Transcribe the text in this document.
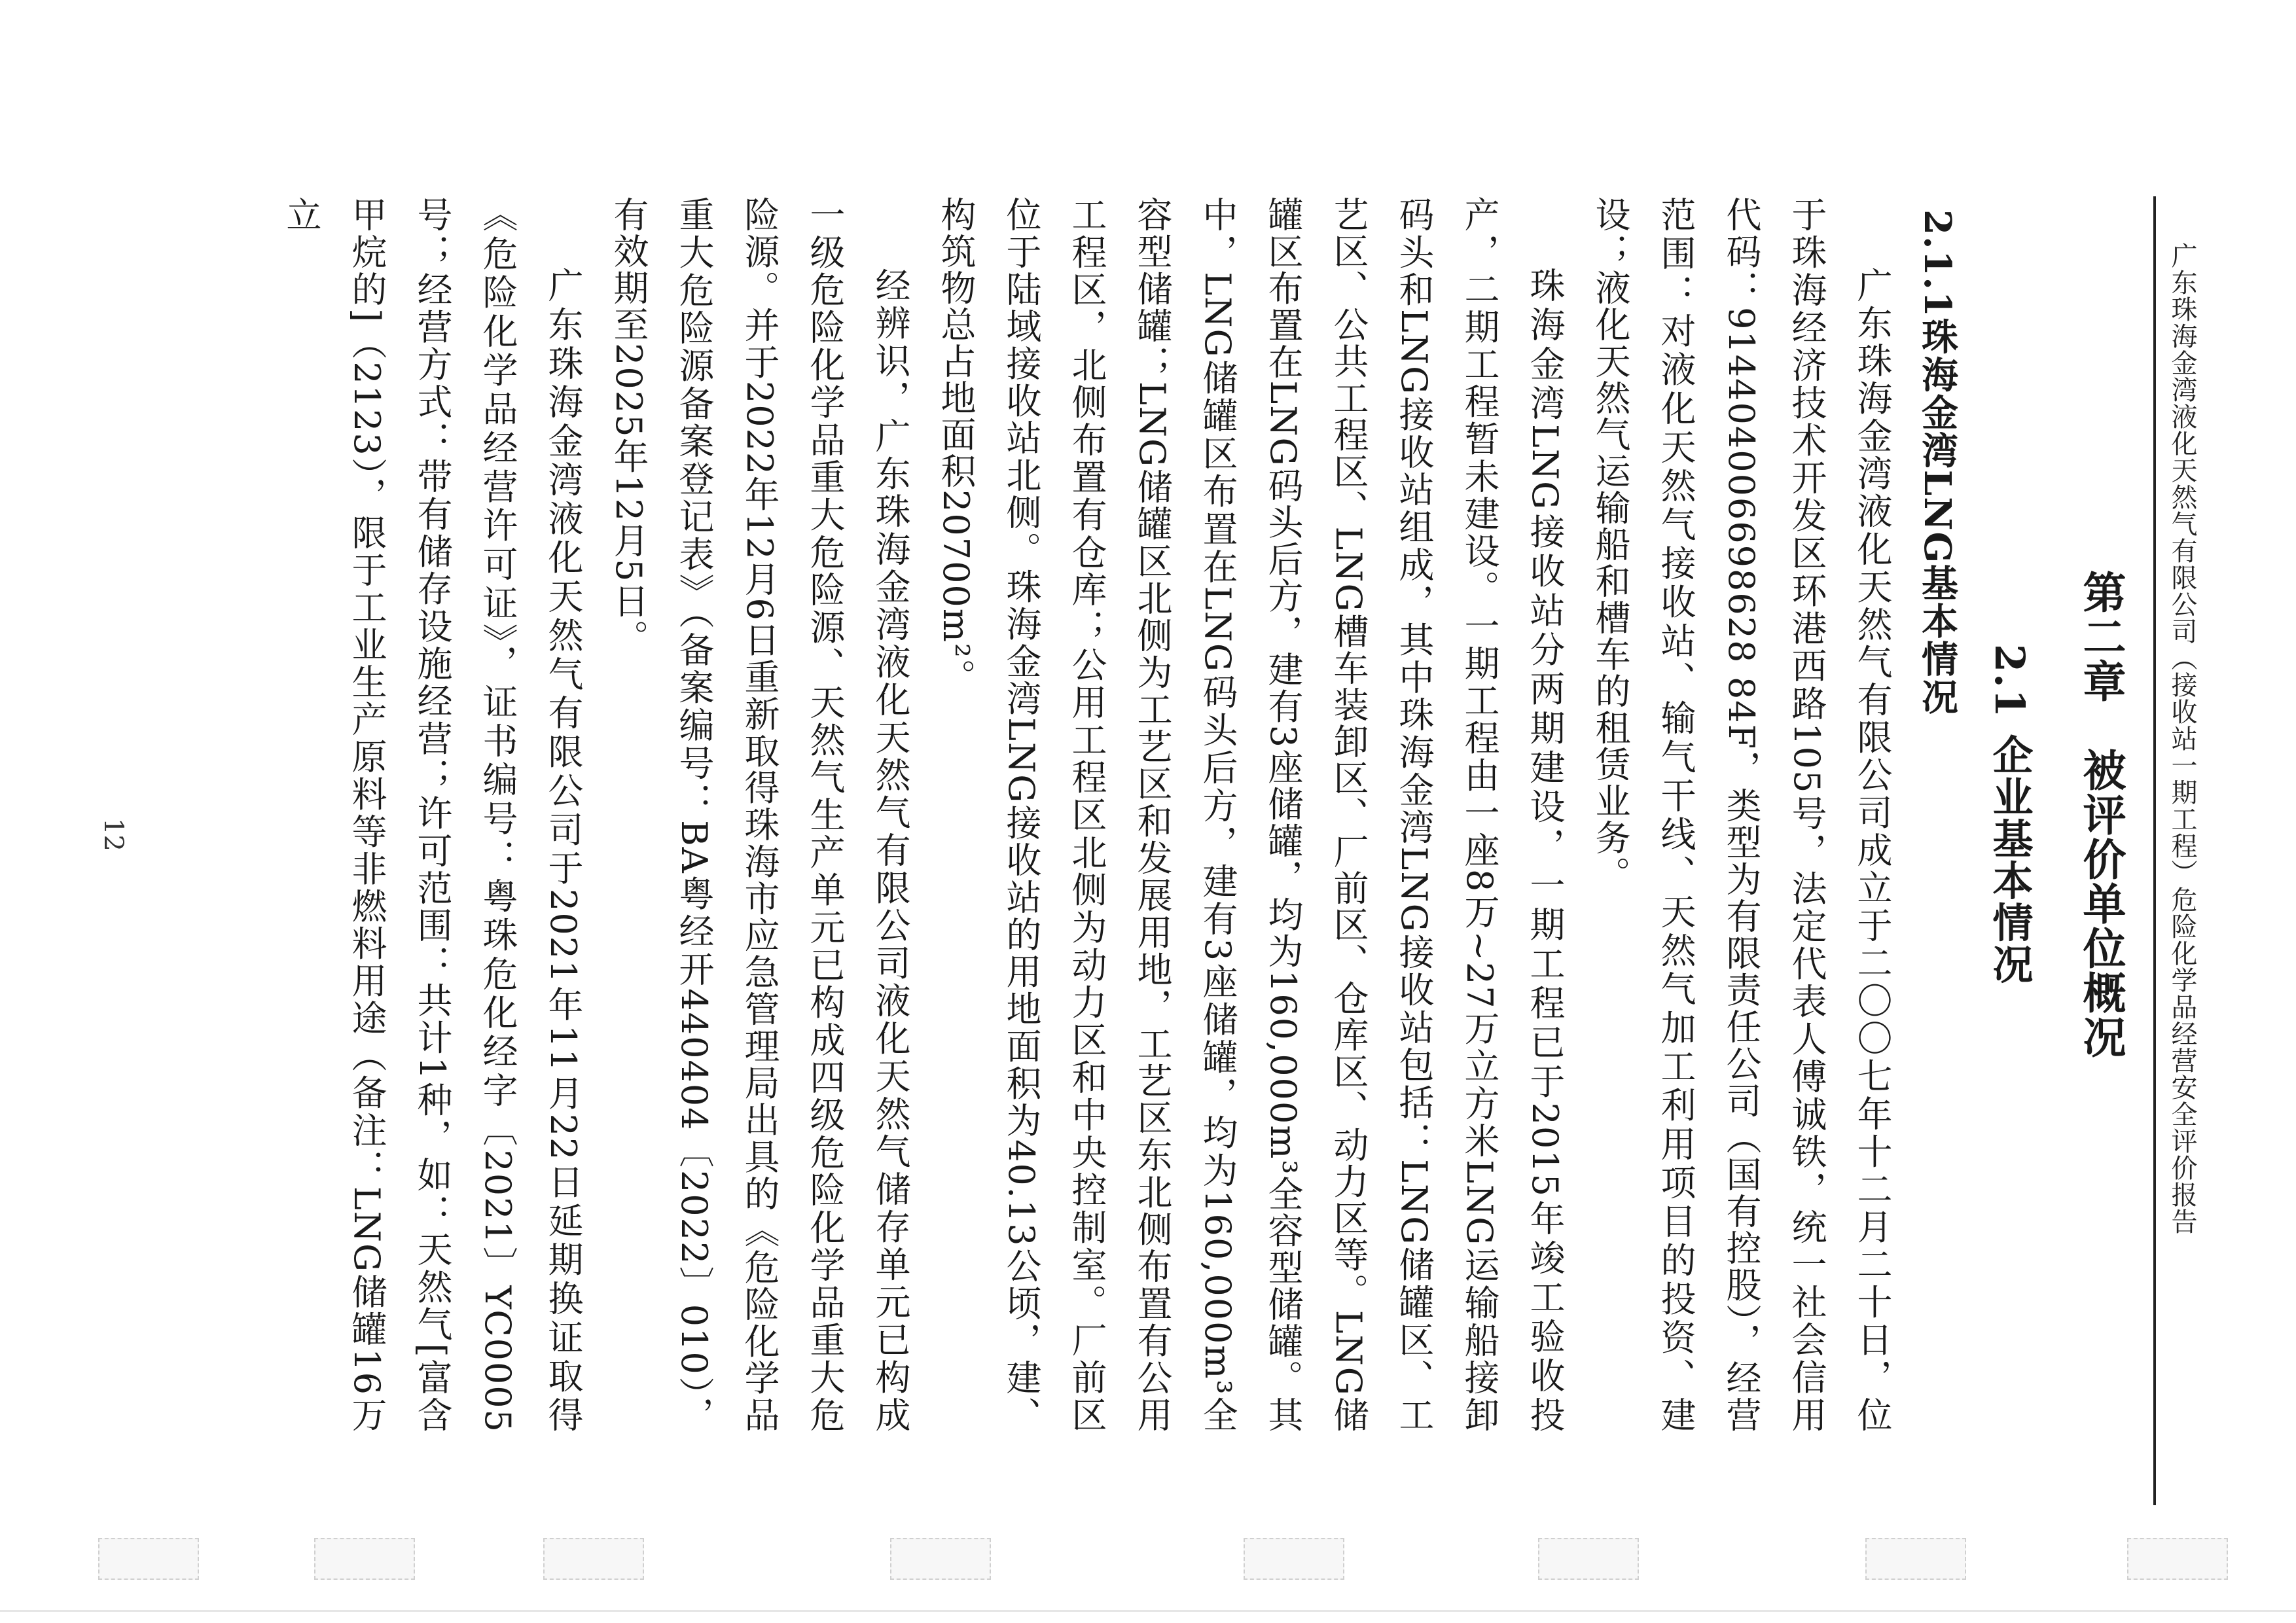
广东珠海金湾液化天然气有限公司（接收站一期工程）危险化学品经营安全评价报告
第二章　被评价单位概况
2.1 企业基本情况
2.1.1珠海金湾LNG基本情况

广东珠海金湾液化天然气有限公司成立于二〇〇七年十二月二十日，位于珠海经济技术开发区环港西路105号，法定代表人傅诚铁，统一社会信用代码：914404006698628 84F，类型为有限责任公司（国有控股），经营范围：对液化天然气接收站、输气干线、天然气加工利用项目的投资、建设；液化天然气运输船和槽车的租赁业务。

珠海金湾LNG接收站分两期建设，一期工程已于2015年竣工验收投产，二期工程暂未建设。一期工程由一座8万~27万立方米LNG运输船接卸码头和LNG接收站组成，其中珠海金湾LNG接收站包括：LNG储罐区、工艺区、公共工程区、LNG槽车装卸区、厂前区、仓库区、动力区等。LNG储罐区布置在LNG码头后方，建有3座储罐，均为160,000m³全容型储罐。其中，LNG储罐区布置在LNG码头后方，建有3座储罐，均为160,000m³全容型储罐；LNG储罐区北侧为工艺区和发展用地，工艺区东北侧布置有公用工程区，北侧布置有仓库；公用工程区北侧为动力区和中央控制室。厂前区位于陆域接收站北侧。珠海金湾LNG接收站的用地面积为40.13公顷，建、构筑物总占地面积20700m²。

经辨识，广东珠海金湾液化天然气有限公司液化天然气储存单元已构成一级危险化学品重大危险源、天然气生产单元已构成四级危险化学品重大危险源。并于2022年12月6日重新取得珠海市应急管理局出具的《危险化学品重大危险源备案登记表》（备案编号：BA粤经开440404〔2022〕010），有效期至2025年12月5日。

广东珠海金湾液化天然气有限公司于2021年11月22日延期换证取得《危险化学品经营许可证》，证书编号：粤珠危化经字〔2021〕YC0005号；经营方式：带有储存设施经营；许可范围：共计1种，如：天然气[富含甲烷的]（2123），限于工业生产原料等非燃料用途（备注：LNG储罐16万立

12
